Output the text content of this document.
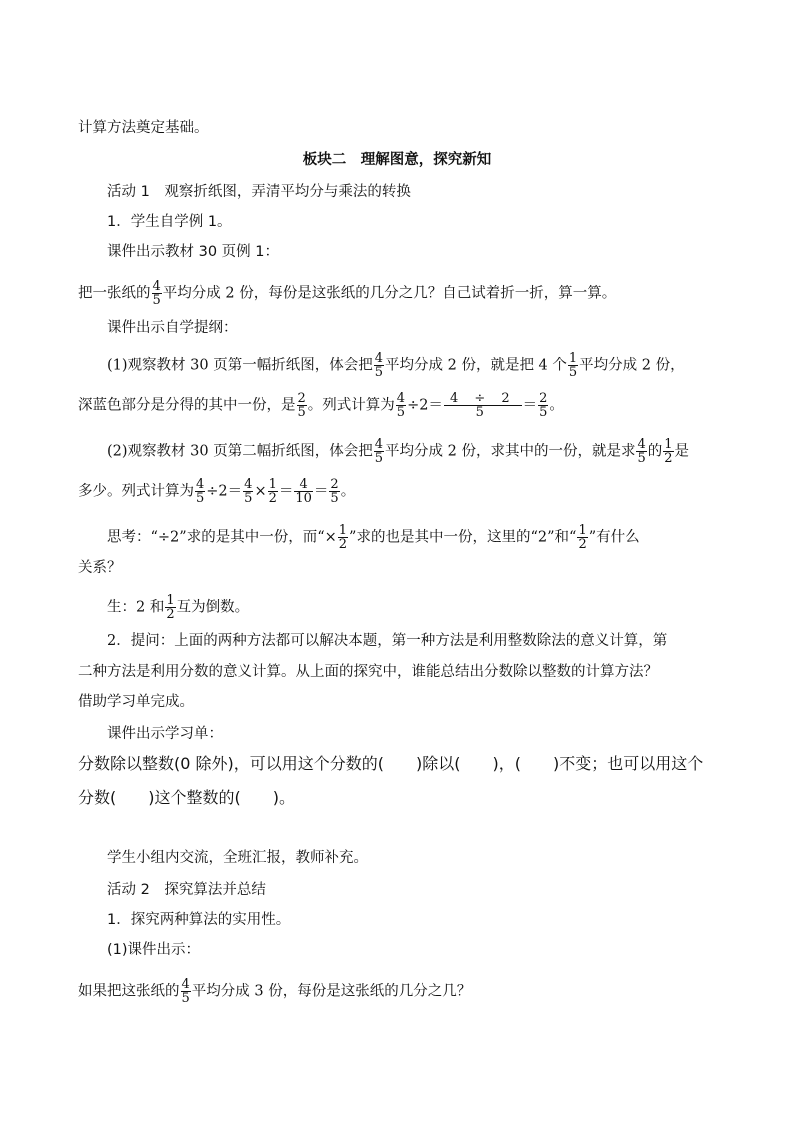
计算方法奠定基础。
板块二　理解图意，探究新知
活动 1　观察折纸图，弄清平均分与乘法的转换
1．学生自学例 1。
课件出示教材 30 页例 1：
把一张纸的 $\frac{4}{5}$ 平均分成 2 份，每份是这张纸的几分之几？自己试着折一折，算一算。
课件出示自学提纲：
(1)观察教材 30 页第一幅折纸图，体会把 $\frac{4}{5}$ 平均分成 2 份，就是把 4 个 $\frac{1}{5}$ 平均分成 2 份，
深蓝色部分是分得的其中一份，是 $\frac{2}{5}$ 。列式计算为 $\frac{4}{5} \div 2= \frac{4 \div 2}{5} = \frac{2}{5}$ 。
(2)观察教材 30 页第二幅折纸图，体会把 $\frac{4}{5}$ 平均分成 2 份，求其中的一份，就是求 $\frac{4}{5}$ 的 $\frac{1}{2}$ 是
多少。列式计算为 $\frac{4}{5} \div 2= \frac{4}{5} \times \frac{1}{2} = \frac{4}{10} = \frac{2}{5}$ 。
思考：“÷2”求的是其中一份，而“× $\frac{1}{2}$ ”求的也是其中一份，这里的“2”和“ $\frac{1}{2}$ ”有什么
关系？
生：2 和 $\frac{1}{2}$ 互为倒数。
2．提问：上面的两种方法都可以解决本题，第一种方法是利用整数除法的意义计算，第
二种方法是利用分数的意义计算。从上面的探究中，谁能总结出分数除以整数的计算方法？
借助学习单完成。
课件出示学习单：
分数除以整数(0 除外)，可以用这个分数的(　　)除以(　　)，(　　)不变；也可以用这个
分数(　　)这个整数的(　　)。
学生小组内交流，全班汇报，教师补充。
活动 2　探究算法并总结
1．探究两种算法的实用性。
(1)课件出示：
如果把这张纸的 $\frac{4}{5}$ 平均分成 3 份，每份是这张纸的几分之几？
